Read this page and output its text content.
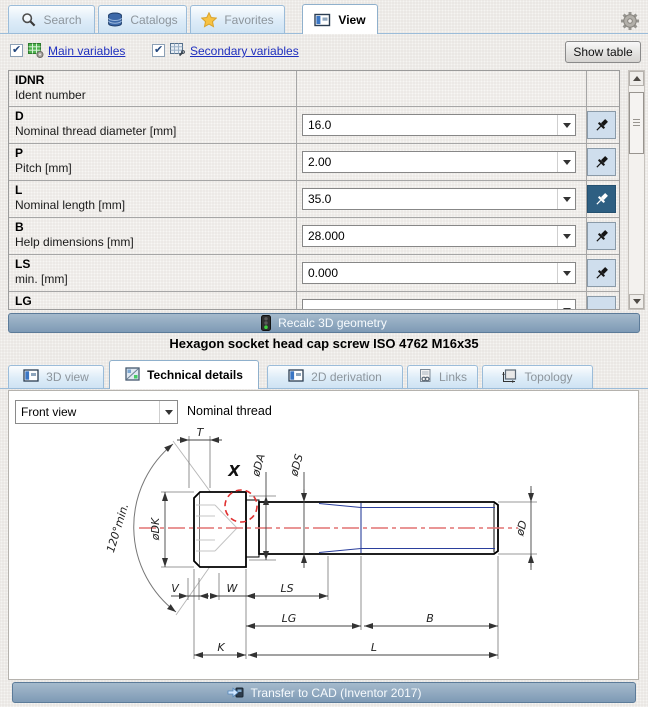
Search	Catalogs	Favorites	View
✔
Main variables ✔	Secondary variables	Show table
IDNR
Ident number
D
Nominal thread diameter [mm]	16.0
P
Pitch [mm]	2.00
L
Nominal length [mm]	35.0
B
Help dimensions [mm]	28.000
LS
min. [mm]	0.000
LG
Recalc 3D geometry
Hexagon socket head cap screw ISO 4762 M16x35
3D view	Technical details	2D derivation	Links	Topology
Front view	Nominal thread
120°min.
X
T
øDK
øDA øDS
øD
V	W	LS
LG	B
K	L
Transfer to CAD (Inventor 2017)
